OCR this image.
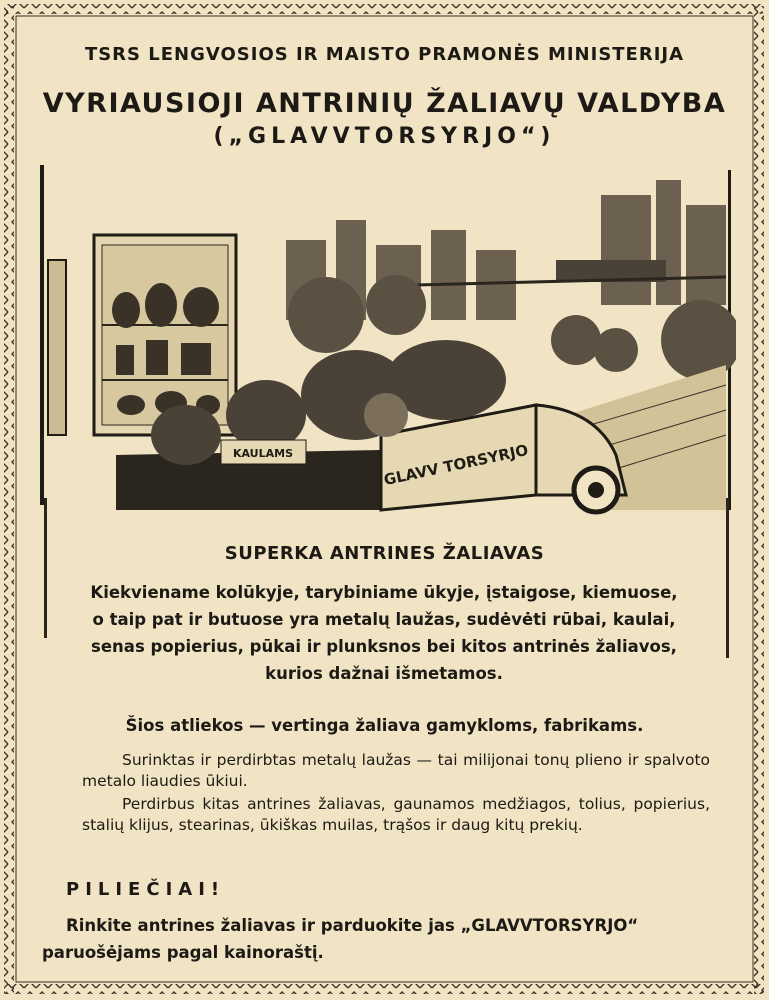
TSRS LENGVOSIOS IR MAISTO PRAMONĖS MINISTERIJA
VYRIAUSIOJI ANTRINIŲ ŽALIAVŲ VALDYBA
(„GLAVVTORSYRJO“)
KAULAMS	GLAVV TORSYRJO
SUPERKA ANTRINES ŽALIAVAS
Kiekviename kolūkyje, tarybiniame ūkyje, įstaigose, kiemuose, o taip pat ir butuose yra metalų laužas, sudėvėti rūbai, kaulai, senas popierius, pūkai ir plunksnos bei kitos antrinės žaliavos, kurios dažnai išmetamos.
Šios atliekos — vertinga žaliava gamykloms, fabrikams.
Surinktas ir perdirbtas metalų laužas — tai milijonai tonų plieno ir spalvoto metalo liaudies ūkiui.
Perdirbus kitas antrines žaliavas, gaunamos medžiagos, tolius, popierius, stalių klijus, stearinas, ūkiškas muilas, trąšos ir daug kitų prekių.
PILIEČIAI!
Rinkite antrines žaliavas ir parduokite jas „GLAVVTORSYRJO“
paruošėjams pagal kainoraštį.
